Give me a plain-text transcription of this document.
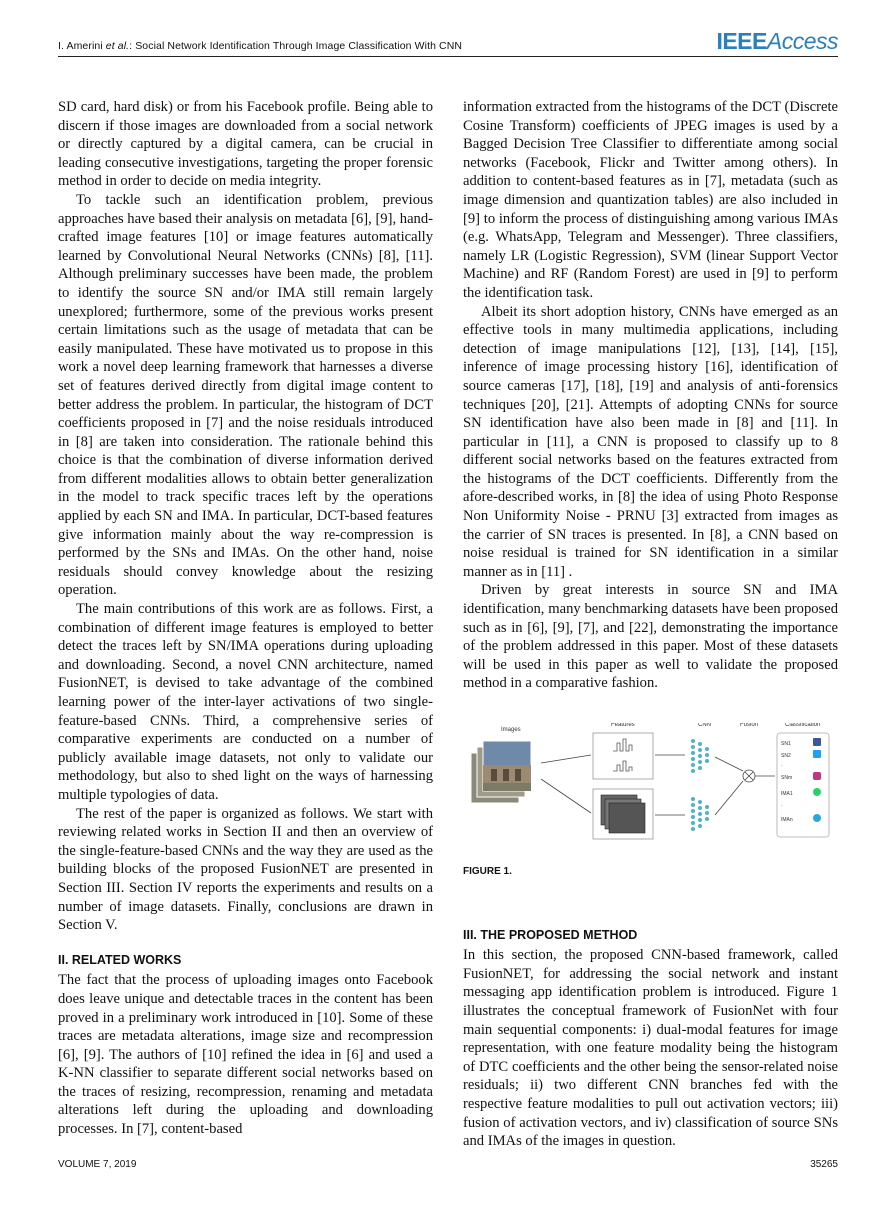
I. Amerini et al.: Social Network Identification Through Image Classification With CNN	IEEEAccess

SD card, hard disk) or from his Facebook profile. Being able to discern if those images are downloaded from a social network or directly captured by a digital camera, can be crucial in leading consecutive investigations, targeting the proper forensic method in order to decide on media integrity.

To tackle such an identification problem, previous approaches have based their analysis on metadata [6], [9], hand-crafted image features [10] or image features automatically learned by Convolutional Neural Networks (CNNs) [8], [11]. Although preliminary successes have been made, the problem to identify the source SN and/or IMA still remain largely unexplored; furthermore, some of the previous works present certain limitations such as the usage of metadata that can be easily manipulated. These have motivated us to propose in this work a novel deep learning framework that harnesses a diverse set of features derived directly from digital image content to better address the problem. In particular, the histogram of DCT coefficients proposed in [7] and the noise residuals introduced in [8] are taken into consideration. The rationale behind this choice is that the combination of diverse information derived from different modalities allows to obtain better generalization in the model to track specific traces left by the operations applied by each SN and IMA. In particular, DCT-based features give information mainly about the way re-compression is performed by the SNs and IMAs. On the other hand, noise residuals should convey knowledge about the resizing operation.

The main contributions of this work are as follows. First, a combination of different image features is employed to better detect the traces left by SN/IMA operations during uploading and downloading. Second, a novel CNN architecture, named FusionNET, is devised to take advantage of the combined learning power of the inter-layer activations of two single-feature-based CNNs. Third, a comprehensive series of comparative experiments are conducted on a number of publicly available image datasets, not only to validate our methodology, but also to shed light on the ways of harnessing multiple typologies of data.

The rest of the paper is organized as follows. We start with reviewing related works in Section II and then an overview of the single-feature-based CNNs and the way they are used as the building blocks of the proposed FusionNET are presented in Section III. Section IV reports the experiments and results on a number of image datasets. Finally, conclusions are drawn in Section V.

II. RELATED WORKS

The fact that the process of uploading images onto Facebook does leave unique and detectable traces in the content has been proved in a preliminary work introduced in [10]. Some of these traces are metadata alterations, image size and recompression [6], [9]. The authors of [10] refined the idea in [6] and used a K-NN classifier to separate different social networks based on the traces of resizing, recompression, renaming and metadata alterations left during the uploading and downloading processes. In [7], content-based

information extracted from the histograms of the DCT (Discrete Cosine Transform) coefficients of JPEG images is used by a Bagged Decision Tree Classifier to differentiate among social networks (Facebook, Flickr and Twitter among others). In addition to content-based features as in [7], metadata (such as image dimension and quantization tables) are also included in [9] to inform the process of distinguishing among various IMAs (e.g. WhatsApp, Telegram and Messenger). Three classifiers, namely LR (Logistic Regression), SVM (linear Support Vector Machine) and RF (Random Forest) are used in [9] to perform the identification task.

Albeit its short adoption history, CNNs have emerged as an effective tools in many multimedia applications, including detection of image manipulations [12], [13], [14], [15], inference of image processing history [16], identification of source cameras [17], [18], [19] and analysis of anti-forensics techniques [20], [21]. Attempts of adopting CNNs for source SN identification have also been made in [8] and [11]. In particular in [11], a CNN is proposed to classify up to 8 different social networks based on the features extracted from the histograms of the DCT coefficients. Differently from the afore-described works, in [8] the idea of using Photo Response Non Uniformity Noise - PRNU [3] extracted from images as the carrier of SN traces is presented. In [8], a CNN based on noise residual is trained for SN identification in a similar manner as in [11] .

Driven by great interests in source SN and IMA identification, many benchmarking datasets have been proposed such as in [6], [9], [7], and [22], demonstrating the importance of the problem addressed in this paper. Most of these datasets will be used in this paper as well to validate the proposed method in a comparative fashion.

Images
Features	CNN	Fusion	Classification
SN1
SN2
·
SNm
IMA1
·
IMAn
FIGURE 1.
III. THE PROPOSED METHOD

In this section, the proposed CNN-based framework, called FusionNET, for addressing the social network and instant messaging app identification problem is introduced. Figure 1 illustrates the conceptual framework of FusionNet with four main sequential components: i) dual-modal features for image representation, with one feature modality being the histogram of DTC coefficients and the other being the sensor-related noise residuals; ii) two different CNN branches fed with the respective feature modalities to pull out activation vectors; iii) fusion of activation vectors, and iv) classification of source SNs and IMAs of the images in question.

VOLUME 7, 2019	35265
